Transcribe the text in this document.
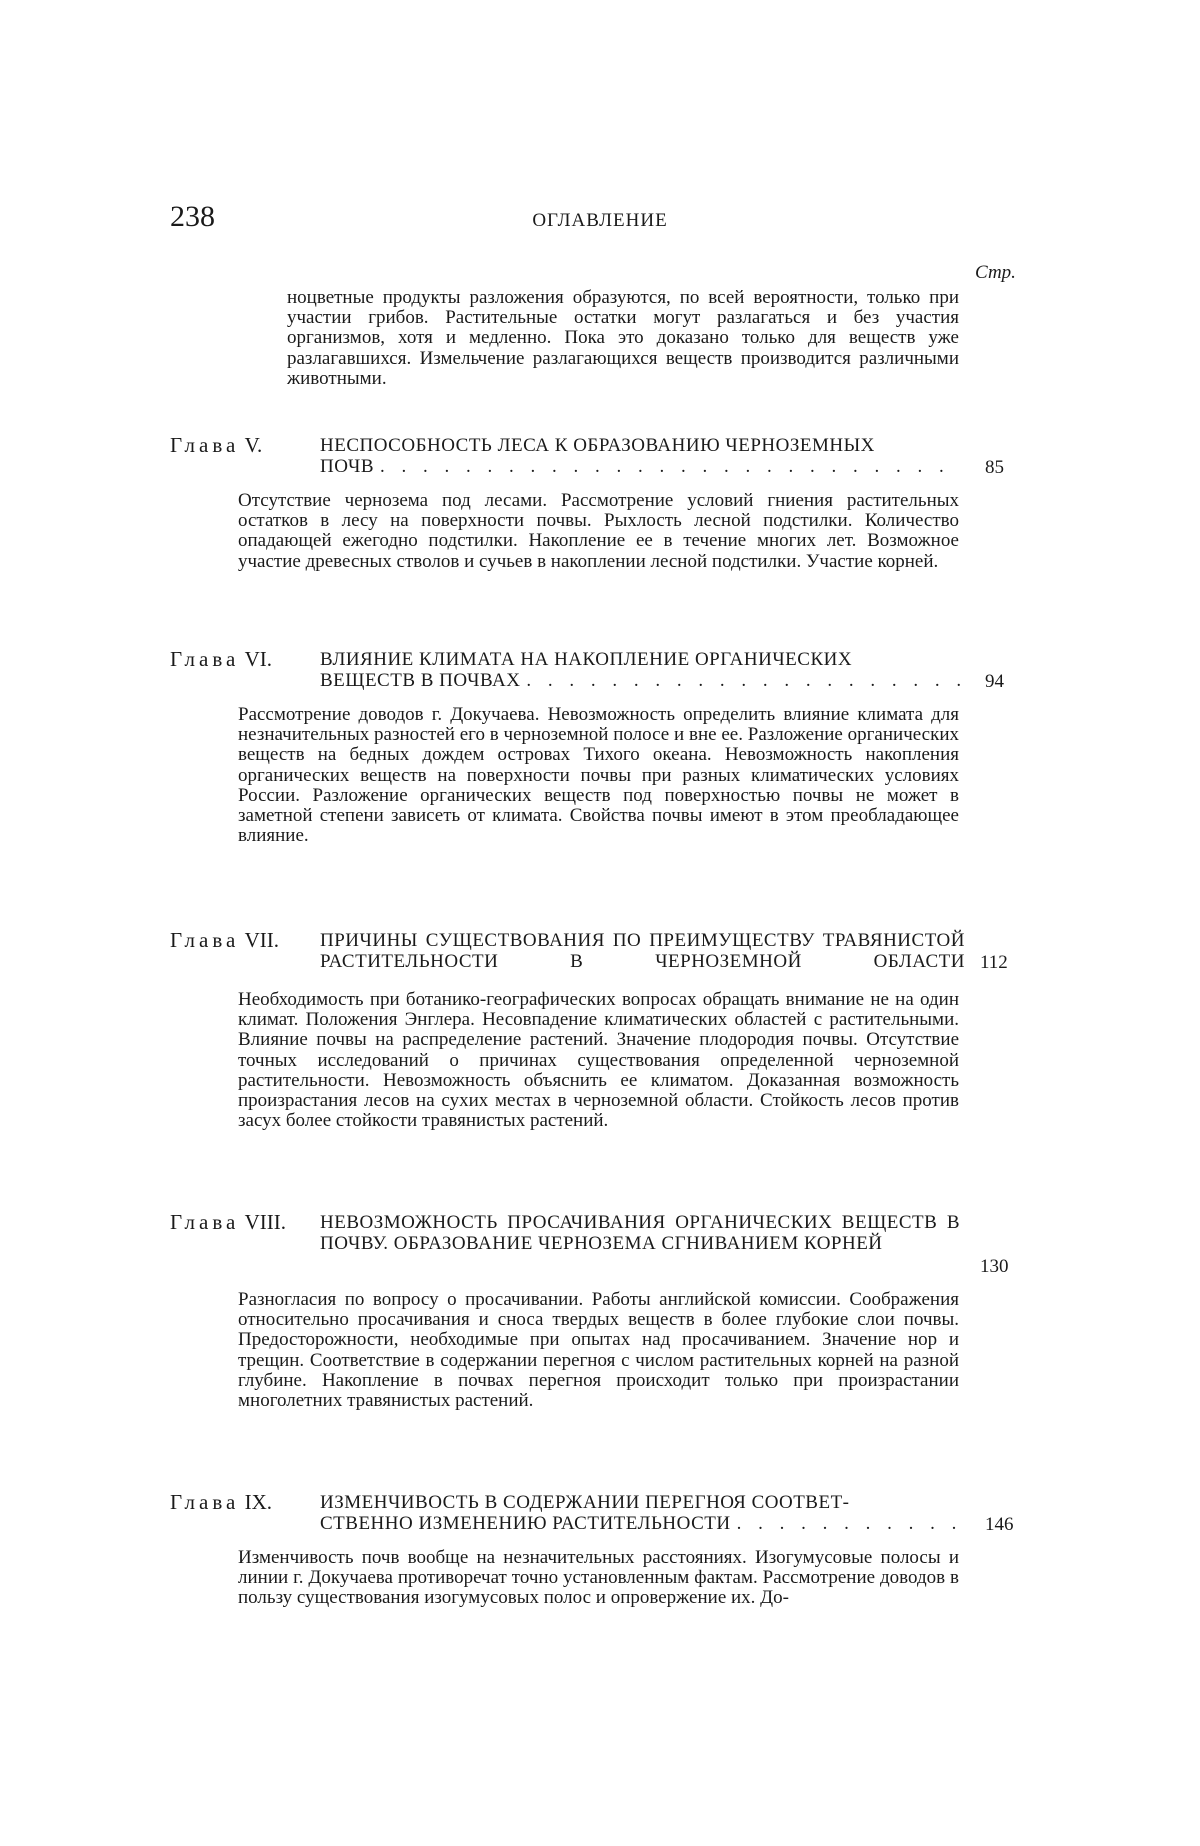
238	ОГЛАВЛЕНИЕ
Стр.

ноцветные продукты разложения образуются, по всей вероятности, только при участии грибов. Растительные остатки могут разлагаться и без участия организмов, хотя и медленно. Пока это доказано только для веществ уже разлагавшихся. Измельчение разлагающихся веществ производится различными животными.

Глава V.	НЕСПОСОБНОСТЬ ЛЕСА К ОБРАЗОВАНИЮ ЧЕРНОЗЕМНЫХ
ПОЧВ . . .	85

Отсутствие чернозема под лесами. Рассмотрение условий гниения растительных остатков в лесу на поверхности почвы. Рыхлость лесной подстилки. Количество опадающей ежегодно подстилки. Накопление ее в течение многих лет. Возможное участие древесных стволов и сучьев в накоплении лесной подстилки. Участие корней.

Глава VI.	ВЛИЯНИЕ КЛИМАТА НА НАКОПЛЕНИЕ ОРГАНИЧЕСКИХ
ВЕЩЕСТВ В ПОЧВАХ . . .	94

Рассмотрение доводов г. Докучаева. Невозможность определить влияние климата для незначительных разностей его в черноземной полосе и вне ее. Разложение органических веществ на бедных дождем островах Тихого океана. Невозможность накопления органических веществ на поверхности почвы при разных климатических условиях России. Разложение органических веществ под поверхностью почвы не может в заметной степени зависеть от климата. Свойства почвы имеют в этом преобладающее влияние.

Глава VII. ПРИЧИНЫ СУЩЕСТВОВАНИЯ ПО ПРЕИМУЩЕСТВУ ТРАВЯНИСТОЙ РАСТИТЕЛЬНОСТИ В ЧЕРНОЗЕМНОЙ ОБЛАСТИ 112

Необходимость при ботанико-географических вопросах обращать внимание не на один климат. Положения Энглера. Несовпадение климатических областей с растительными. Влияние почвы на распределение растений. Значение плодородия почвы. Отсутствие точных исследований о причинах существования определенной черноземной растительности. Невозможность объяснить ее климатом. Доказанная возможность произрастания лесов на сухих местах в черноземной области. Стойкость лесов против засух более стойкости травянистых растений.

Глава VIII. НЕВОЗМОЖНОСТЬ ПРОСАЧИВАНИЯ ОРГАНИЧЕСКИХ ВЕЩЕСТВ В ПОЧВУ. ОБРАЗОВАНИЕ ЧЕРНОЗЕМА СГНИВАНИЕМ КОРНЕЙ
130

Разногласия по вопросу о просачивании. Работы английской комиссии. Соображения относительно просачивания и сноса твердых веществ в более глубокие слои почвы. Предосторожности, необходимые при опытах над просачиванием. Значение нор и трещин. Соответствие в содержании перегноя с числом растительных корней на разной глубине. Накопление в почвах перегноя происходит только при произрастании многолетних травянистых растений.

Глава IX.	ИЗМЕНЧИВОСТЬ В СОДЕРЖАНИИ ПЕРЕГНОЯ СООТВЕТ-
СТВЕННО ИЗМЕНЕНИЮ РАСТИТЕЛЬНОСТИ . . .	146

Изменчивость почв вообще на незначительных расстояниях. Изогумусовые полосы и линии г. Докучаева противоречат точно установленным фактам. Рассмотрение доводов в пользу существования изогумусовых полос и опровержение их. До-
